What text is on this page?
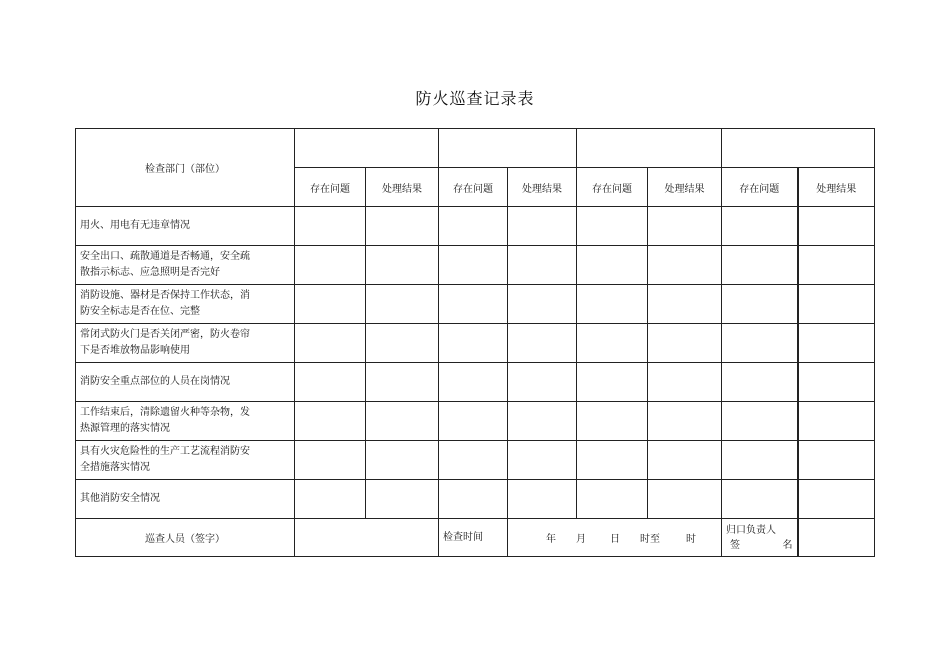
防火巡查记录表
检查部门（部位）								
	存在问题	处理结果	存在问题	处理结果	存在问题	处理结果	存在问题	处理结果

用火、用电有无违章情况								

安全出口、疏散通道是否畅通，安全疏
散指示标志、应急照明是否完好								

消防设施、器材是否保持工作状态，消
防安全标志是否在位、完整								

常闭式防火门是否关闭严密，防火卷帘
下是否堆放物品影响使用								

消防安全重点部位的人员在岗情况								

工作结束后，清除遗留火种等杂物，发
热源管理的落实情况								

具有火灾危险性的生产工艺流程消防安
全措施落实情况								

其他消防安全情况								

巡查人员（签字）			检查时间	年 月 日 时至 时			归口负责人
签 名	
